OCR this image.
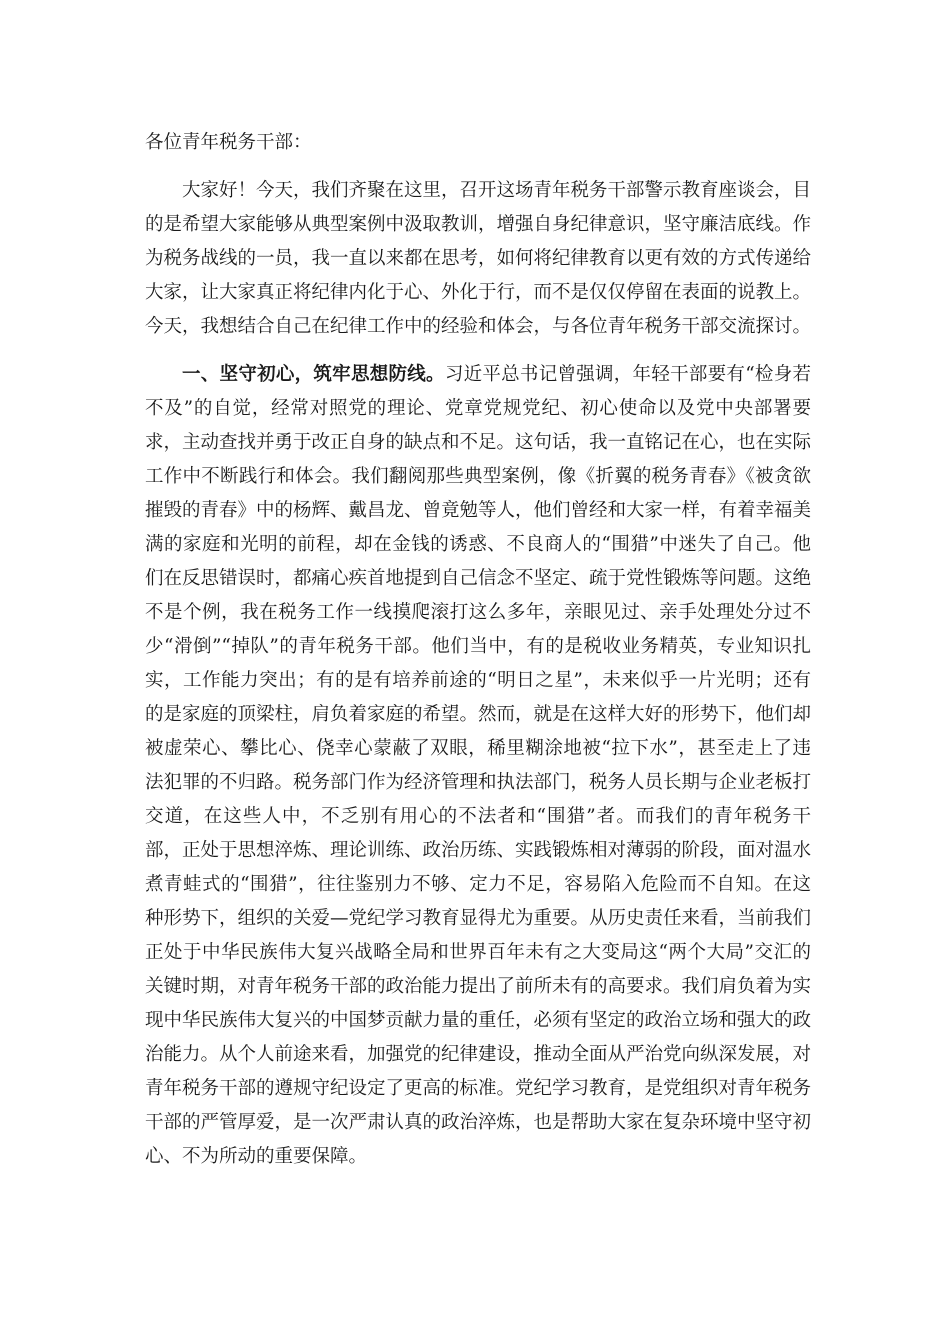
各位青年税务干部：

大家好！今天，我们齐聚在这里，召开这场青年税务干部警示教育座谈会，目的是希望大家能够从典型案例中汲取教训，增强自身纪律意识，坚守廉洁底线。作为税务战线的一员，我一直以来都在思考，如何将纪律教育以更有效的方式传递给大家，让大家真正将纪律内化于心、外化于行，而不是仅仅停留在表面的说教上。今天，我想结合自己在纪律工作中的经验和体会，与各位青年税务干部交流探讨。

一、坚守初心，筑牢思想防线。习近平总书记曾强调，年轻干部要有“检身若不及”的自觉，经常对照党的理论、党章党规党纪、初心使命以及党中央部署要求，主动查找并勇于改正自身的缺点和不足。这句话，我一直铭记在心，也在实际工作中不断践行和体会。我们翻阅那些典型案例，像《折翼的税务青春》《被贪欲摧毁的青春》中的杨辉、戴昌龙、曾竟勉等人，他们曾经和大家一样，有着幸福美满的家庭和光明的前程，却在金钱的诱惑、不良商人的“围猎”中迷失了自己。他们在反思错误时，都痛心疾首地提到自己信念不坚定、疏于党性锻炼等问题。这绝不是个例，我在税务工作一线摸爬滚打这么多年，亲眼见过、亲手处理处分过不少“滑倒”“掉队”的青年税务干部。他们当中，有的是税收业务精英，专业知识扎实，工作能力突出；有的是有培养前途的“明日之星”，未来似乎一片光明；还有的是家庭的顶梁柱，肩负着家庭的希望。然而，就是在这样大好的形势下，他们却被虚荣心、攀比心、侥幸心蒙蔽了双眼，稀里糊涂地被“拉下水”，甚至走上了违法犯罪的不归路。税务部门作为经济管理和执法部门，税务人员长期与企业老板打交道，在这些人中，不乏别有用心的不法者和“围猎”者。而我们的青年税务干部，正处于思想淬炼、理论训练、政治历练、实践锻炼相对薄弱的阶段，面对温水煮青蛙式的“围猎”，往往鉴别力不够、定力不足，容易陷入危险而不自知。在这种形势下，组织的关爱—党纪学习教育显得尤为重要。从历史责任来看，当前我们正处于中华民族伟大复兴战略全局和世界百年未有之大变局这“两个大局”交汇的关键时期，对青年税务干部的政治能力提出了前所未有的高要求。我们肩负着为实现中华民族伟大复兴的中国梦贡献力量的重任，必须有坚定的政治立场和强大的政治能力。从个人前途来看，加强党的纪律建设，推动全面从严治党向纵深发展，对青年税务干部的遵规守纪设定了更高的标准。党纪学习教育，是党组织对青年税务干部的严管厚爱，是一次严肃认真的政治淬炼，也是帮助大家在复杂环境中坚守初心、不为所动的重要保障。
